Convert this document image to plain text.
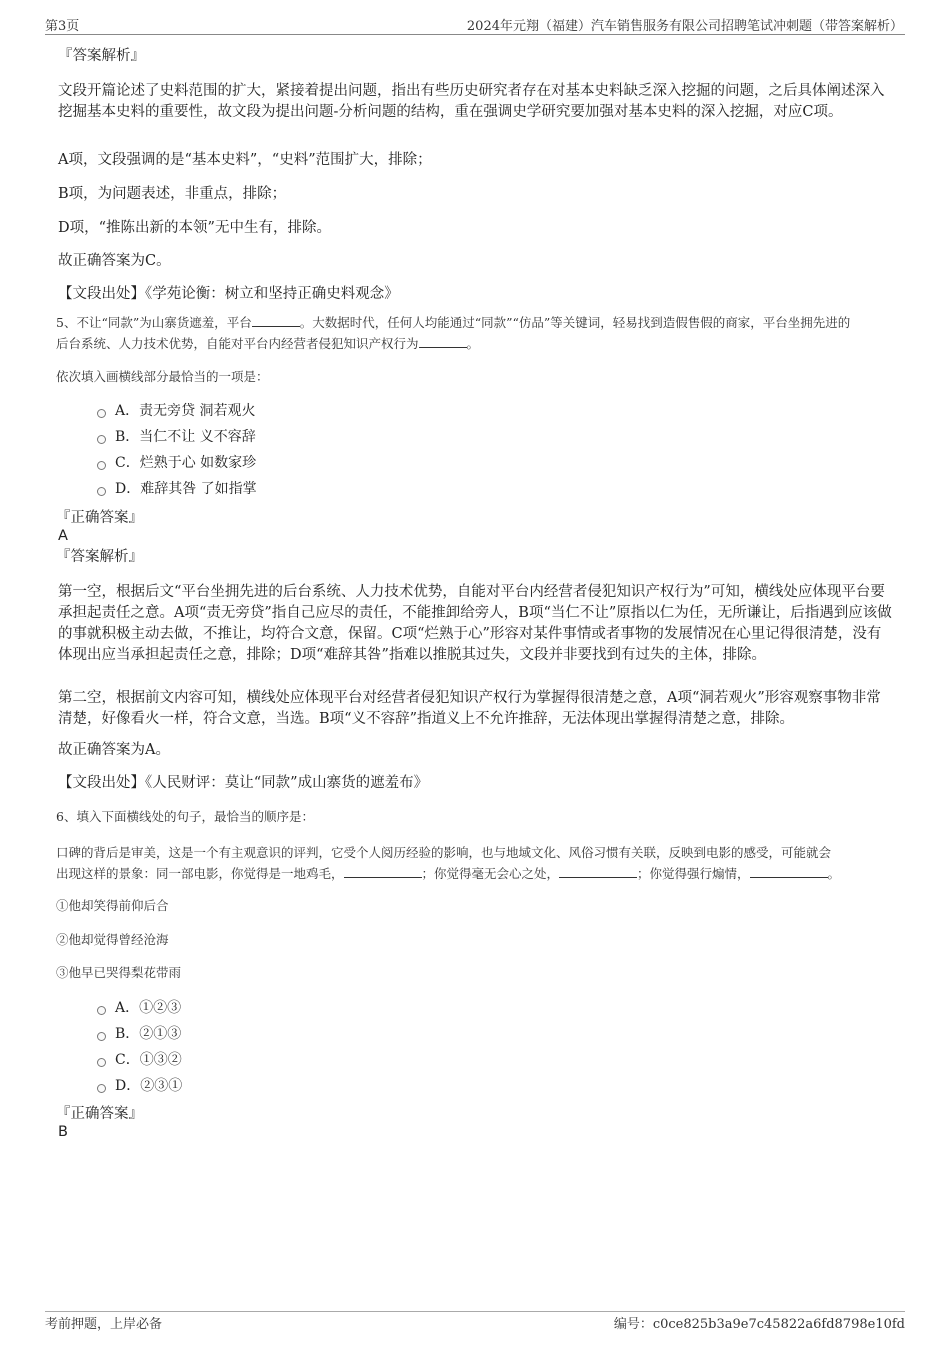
第3页	2024年元翔（福建）汽车销售服务有限公司招聘笔试冲刺题（带答案解析）
『答案解析』
文段开篇论述了史料范围的扩大，紧接着提出问题，指出有些历史研究者存在对基本史料缺乏深入挖掘的问题，之后具体阐述深入挖掘基本史料的重要性，故文段为提出问题-分析问题的结构，重在强调史学研究要加强对基本史料的深入挖掘，对应C项。
A项，文段强调的是“基本史料”，“史料”范围扩大，排除；
B项，为问题表述，非重点，排除；
D项，“推陈出新的本领”无中生有，排除。
故正确答案为C。
【文段出处】《学苑论衡：树立和坚持正确史料观念》
5、不让“同款”为山寨货遮羞，平台	。大数据时代，任何人均能通过“同款”“仿品”等关键词，轻易找到造假售假的商家，平台坐拥先进的
后台系统、人力技术优势，自能对平台内经营者侵犯知识产权行为	。
依次填入画横线部分最恰当的一项是：
A．责无旁贷 洞若观火
B．当仁不让 义不容辞
C．烂熟于心 如数家珍
D．难辞其咎 了如指掌
『正确答案』
A
『答案解析』
第一空，根据后文“平台坐拥先进的后台系统、人力技术优势，自能对平台内经营者侵犯知识产权行为”可知，横线处应体现平台要承担起责任之意。A项“责无旁贷”指自己应尽的责任，不能推卸给旁人，B项“当仁不让”原指以仁为任，无所谦让，后指遇到应该做的事就积极主动去做，不推让，均符合文意，保留。C项“烂熟于心”形容对某件事情或者事物的发展情况在心里记得很清楚，没有体现出应当承担起责任之意，排除；D项“难辞其咎”指难以推脱其过失，文段并非要找到有过失的主体，排除。
第二空，根据前文内容可知，横线处应体现平台对经营者侵犯知识产权行为掌握得很清楚之意，A项“洞若观火”形容观察事物非常清楚，好像看火一样，符合文意，当选。B项“义不容辞”指道义上不允许推辞，无法体现出掌握得清楚之意，排除。
故正确答案为A。
【文段出处】《人民财评：莫让“同款”成山寨货的遮羞布》
6、填入下面横线处的句子，最恰当的顺序是：
口碑的背后是审美，这是一个有主观意识的评判，它受个人阅历经验的影响，也与地域文化、风俗习惯有关联，反映到电影的感受，可能就会
出现这样的景象：同一部电影，你觉得是一地鸡毛，	；你觉得毫无会心之处，	；你觉得强行煽情，	。
①他却笑得前仰后合
②他却觉得曾经沧海
③他早已哭得梨花带雨
A．①②③
B．②①③
C．①③②
D．②③①
『正确答案』
B
考前押题，上岸必备	编号：c0ce825b3a9e7c45822a6fd8798e10fd
